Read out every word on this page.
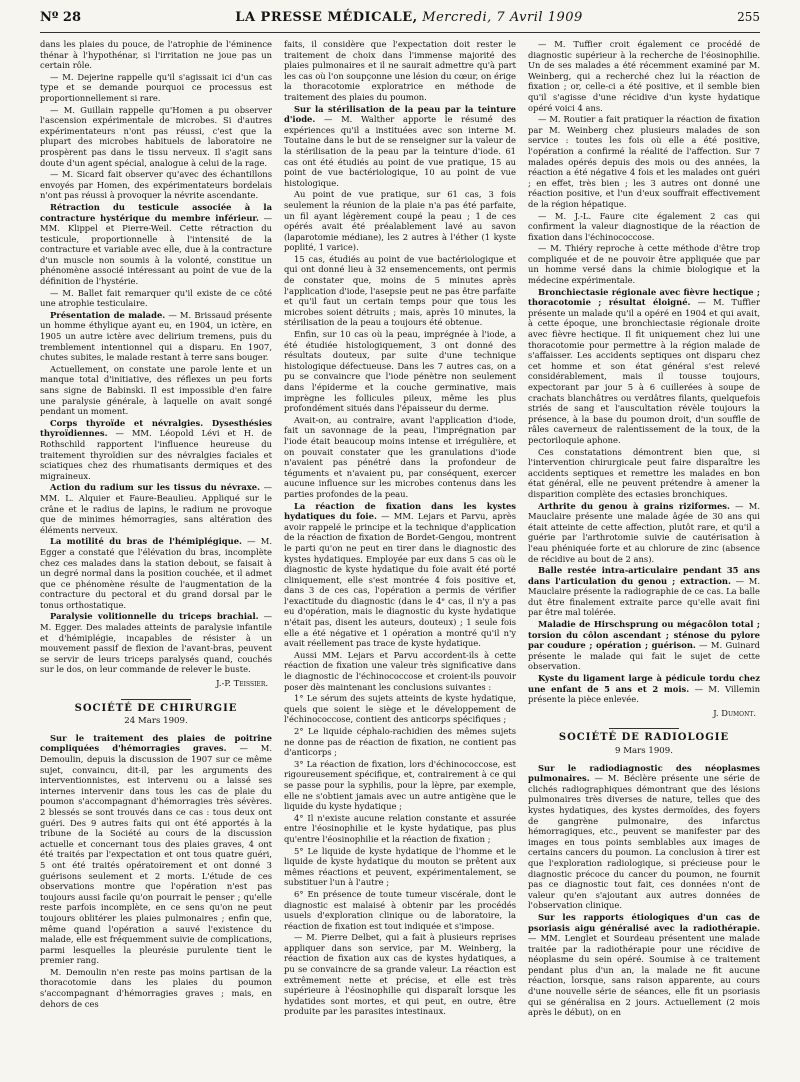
Nº 28	LA PRESSE MÉDICALE, Mercredi, 7 Avril 1909	255

dans les plaies du pouce, de l'atrophie de l'éminence thénar à l'hypothénar, si l'irritation ne joue pas un certain rôle.

— M. Dejerine rappelle qu'il s'agissait ici d'un cas type et se demande pourquoi ce processus est proportionnellement si rare.

— M. Guillain rappelle qu'Homen a pu observer l'ascension expérimentale de microbes. Si d'autres expérimentateurs n'ont pas réussi, c'est que la plupart des microbes habituels de laboratoire ne prospèrent pas dans le tissu nerveux. Il s'agit sans doute d'un agent spécial, analogue à celui de la rage.

— M. Sicard fait observer qu'avec des échantillons envoyés par Homen, des expérimentateurs bordelais n'ont pas réussi à provoquer la névrite ascendante.

Rétraction du testicule associée à la contracture hystérique du membre inférieur. — MM. Klippel et Pierre-Weil. Cette rétraction du testicule, proportionnelle à l'intensité de la contracture et variable avec elle, due à la contracture d'un muscle non soumis à la volonté, constitue un phénomène associé intéressant au point de vue de la définition de l'hystérie.

— M. Ballet fait remarquer qu'il existe de ce côté une atrophie testiculaire.

Présentation de malade. — M. Brissaud présente un homme éthylique ayant eu, en 1904, un ictère, en 1905 un autre ictère avec delirium tremens, puis du tremblement intentionnel qui a disparu. En 1907, chutes subites, le malade restant à terre sans bouger.

Actuellement, on constate une parole lente et un manque total d'initiative, des réflexes un peu forts sans signe de Babinski. Il est impossible d'en faire une paralysie générale, à laquelle on avait songé pendant un moment.

Corps thyroïde et névralgies. Dysesthésies thyroïdiennes. — MM. Léopold Lévi et H. de Rothschild rapportent l'influence heureuse du traitement thyroïdien sur des névralgies faciales et sciatiques chez des rhumatisants dermiques et des migraineux.

Action du radium sur les tissus du névraxe. — MM. L. Alquier et Faure-Beaulieu. Appliqué sur le crâne et le radius de lapins, le radium ne provoque que de minimes hémorragies, sans altération des éléments nerveux.

La motilité du bras de l'hémiplégique. — M. Egger a constaté que l'élévation du bras, incomplète chez ces malades dans la station debout, se faisait à un degré normal dans la position couchée, et il admet que ce phénomène résulte de l'augmentation de la contracture du pectoral et du grand dorsal par le tonus orthostatique.

Paralysie volitionnelle du triceps brachial. — M. Egger. Des malades atteints de paralysie infantile et d'hémiplégie, incapables de résister à un mouvement passif de flexion de l'avant-bras, peuvent se servir de leurs triceps paralysés quand, couchés sur le dos, on leur commande de relever le buste.

J.-P. Teissier.
SOCIÉTÉ DE CHIRURGIE
24 Mars 1909.

Sur le traitement des plaies de poitrine compliquées d'hémorragies graves. — M. Demoulin, depuis la discussion de 1907 sur ce même sujet, convaincu, dit-il, par les arguments des interventionnistes, est intervenu ou a laissé ses internes intervenir dans tous les cas de plaie du poumon s'accompagnant d'hémorragies très sévères. 2 blessés se sont trouvés dans ce cas : tous deux ont guéri. Des 9 autres faits qui ont été apportés à la tribune de la Société au cours de la discussion actuelle et concernant tous des plaies graves, 4 ont été traités par l'expectation et ont tous quatre guéri, 5 ont été traités opératoirement et ont donné 3 guérisons seulement et 2 morts. L'étude de ces observations montre que l'opération n'est pas toujours aussi facile qu'on pourrait le penser ; qu'elle reste parfois incomplète, en ce sens qu'on ne peut toujours oblitérer les plaies pulmonaires ; enfin que, même quand l'opération a sauvé l'existence du malade, elle est fréquemment suivie de complications, parmi lesquelles la pleurésie purulente tient le premier rang.

M. Demoulin n'en reste pas moins partisan de la thoracotomie dans les plaies du poumon s'accompagnant d'hémorragies graves ; mais, en dehors de ces

faits, il considère que l'expectation doit rester le traitement de choix dans l'immense majorité des plaies pulmonaires et il ne saurait admettre qu'à part les cas où l'on soupçonne une lésion du cœur, on érige la thoracotomie exploratrice en méthode de traitement des plaies du poumon.

Sur la stérilisation de la peau par la teinture d'iode. — M. Walther apporte le résumé des expériences qu'il a instituées avec son interne M. Toutaine dans le but de se renseigner sur la valeur de la stérilisation de la peau par la teinture d'iode. 61 cas ont été étudiés au point de vue pratique, 15 au point de vue bactériologique, 10 au point de vue histologique.

Au point de vue pratique, sur 61 cas, 3 fois seulement la réunion de la plaie n'a pas été parfaite, un fil ayant légèrement coupé la peau ; 1 de ces opérés avait été préalablement lavé au savon (laparotomie médiane), les 2 autres à l'éther (1 kyste poplité, 1 varice).

15 cas, étudiés au point de vue bactériologique et qui ont donné lieu à 32 ensemencements, ont permis de constater que, moins de 5 minutes après l'application d'iode, l'asepsie peut ne pas être parfaite et qu'il faut un certain temps pour que tous les microbes soient détruits ; mais, après 10 minutes, la stérilisation de la peau a toujours été obtenue.

Enfin, sur 10 cas où la peau, imprégnée à l'iode, a été étudiée histologiquement, 3 ont donné des résultats douteux, par suite d'une technique histologique défectueuse. Dans les 7 autres cas, on a pu se convaincre que l'iode pénètre non seulement dans l'épiderme et la couche germinative, mais imprègne les follicules pileux, même les plus profondément situés dans l'épaisseur du derme.

Avait-on, au contraire, avant l'application d'iode, fait un savonnage de la peau, l'imprégnation par l'iode était beaucoup moins intense et irrégulière, et on pouvait constater que les granulations d'iode n'avaient pas pénétré dans la profondeur de téguments et n'avaient pu, par conséquent, exercer aucune influence sur les microbes contenus dans les parties profondes de la peau.

La réaction de fixation dans les kystes hydatiques du foie. — MM. Lejars et Parvu, après avoir rappelé le principe et la technique d'application de la réaction de fixation de Bordet-Gengou, montrent le parti qu'on ne peut en tirer dans le diagnostic des kystes hydatiques. Employée par eux dans 5 cas où le diagnostic de kyste hydatique du foie avait été porté cliniquement, elle s'est montrée 4 fois positive et, dans 3 de ces cas, l'opération a permis de vérifier l'exactitude du diagnostic (dans le 4ᵉ cas, il n'y a pas eu d'opération, mais le diagnostic du kyste hydatique n'était pas, disent les auteurs, douteux) ; 1 seule fois elle a été négative et 1 opération a montré qu'il n'y avait réellement pas trace de kyste hydatique.

Aussi MM. Lejars et Parvu accordent-ils à cette réaction de fixation une valeur très significative dans le diagnostic de l'échinococcose et croient-ils pouvoir poser dès maintenant les conclusions suivantes :

1° Le sérum des sujets atteints de kyste hydatique, quels que soient le siège et le développement de l'échinococcose, contient des anticorps spécifiques ;

2° Le liquide céphalo-rachidien des mêmes sujets ne donne pas de réaction de fixation, ne contient pas d'anticorps ;

3° La réaction de fixation, lors d'échinococcose, est rigoureusement spécifique, et, contrairement à ce qui se passe pour la syphilis, pour la lèpre, par exemple, elle ne s'obtient jamais avec un autre antigène que le liquide du kyste hydatique ;

4° Il n'existe aucune relation constante et assurée entre l'éosinophilie et le kyste hydatique, pas plus qu'entre l'éosinophilie et la réaction de fixation ;

5° Le liquide de kyste hydatique de l'homme et le liquide de kyste hydatique du mouton se prêtent aux mêmes réactions et peuvent, expérimentalement, se substituer l'un à l'autre ;

6° En présence de toute tumeur viscérale, dont le diagnostic est malaisé à obtenir par les procédés usuels d'exploration clinique ou de laboratoire, la réaction de fixation est tout indiquée et s'impose.

— M. Pierre Delbet, qui a fait à plusieurs reprises appliquer dans son service, par M. Weinberg, la réaction de fixation aux cas de kystes hydatiques, a pu se convaincre de sa grande valeur. La réaction est extrêmement nette et précise, et elle est très supérieure à l'éosinophilie qui disparaît lorsque les hydatides sont mortes, et qui peut, en outre, être produite par les parasites intestinaux.

— M. Tuffier croit également ce procédé de diagnostic supérieur à la recherche de l'éosinophilie. Un de ses malades a été récemment examiné par M. Weinberg, qui a recherché chez lui la réaction de fixation ; or, celle-ci a été positive, et il semble bien qu'il s'agisse d'une récidive d'un kyste hydatique opéré voici 4 ans.

— M. Routier a fait pratiquer la réaction de fixation par M. Weinberg chez plusieurs malades de son service : toutes les fois où elle a été positive, l'opération a confirmé la réalité de l'affection. Sur 7 malades opérés depuis des mois ou des années, la réaction a été négative 4 fois et les malades ont guéri ; en effet, très bien ; les 3 autres ont donné une réaction positive, et l'un d'eux souffrait effectivement de la région hépatique.

— M. J.-L. Faure cite également 2 cas qui confirment la valeur diagnostique de la réaction de fixation dans l'échinococcose.

— M. Thiéry reproche à cette méthode d'être trop compliquée et de ne pouvoir être appliquée que par un homme versé dans la chimie biologique et la médecine expérimentale.

Bronchiectasie régionale avec fièvre hectique ; thoracotomie ; résultat éloigné. — M. Tuffier présente un malade qu'il a opéré en 1904 et qui avait, à cette époque, une bronchiectasie régionale droite avec fièvre hectique. Il fit uniquement chez lui une thoracotomie pour permettre à la région malade de s'affaisser. Les accidents septiques ont disparu chez cet homme et son état général s'est relevé considérablement, mais il tousse toujours, expectorant par jour 5 à 6 cuillerées à soupe de crachats blanchâtres ou verdâtres filants, quelquefois striés de sang et l'auscultation révèle toujours la présence, à la base du poumon droit, d'un souffle de râles caverneux de ralentissement de la toux, de la pectoriloquie aphone.

Ces constatations démontrent bien que, si l'intervention chirurgicale peut faire disparaître les accidents septiques et remettre les malades en bon état général, elle ne peuvent prétendre à amener la disparition complète des ectasies bronchiques.

Arthrite du genou à grains riziformes. — M. Mauclaire présente une malade âgée de 30 ans qui était atteinte de cette affection, plutôt rare, et qu'il a guérie par l'arthrotomie suivie de cautérisation à l'eau phéniquée forte et au chlorure de zinc (absence de récidive au bout de 2 ans).

Balle restée intra-articulaire pendant 35 ans dans l'articulation du genou ; extraction. — M. Mauclaire présente la radiographie de ce cas. La balle dut être finalement extraite parce qu'elle avait fini par être mal tolérée.

Maladie de Hirschsprung ou mégacôlon total ; torsion du côlon ascendant ; sténose du pylore par coudure ; opération ; guérison. — M. Guinard présente le malade qui fait le sujet de cette observation.

Kyste du ligament large à pédicule tordu chez une enfant de 5 ans et 2 mois. — M. Villemin présente la pièce enlevée.

J. Dumont.
SOCIÉTÉ DE RADIOLOGIE
9 Mars 1909.

Sur le radiodiagnostic des néoplasmes pulmonaires. — M. Béclère présente une série de clichés radiographiques démontrant que des lésions pulmonaires très diverses de nature, telles que des kystes hydatiques, des kystes dermoïdes, des foyers de gangrène pulmonaire, des infarctus hémorragiques, etc., peuvent se manifester par des images en tous points semblables aux images de certains cancers du poumon. La conclusion à tirer est que l'exploration radiologique, si précieuse pour le diagnostic précoce du cancer du poumon, ne fournit pas ce diagnostic tout fait, ces données n'ont de valeur qu'en s'ajoutant aux autres données de l'observation clinique.

Sur les rapports étiologiques d'un cas de psoriasis aigu généralisé avec la radiothérapie. — MM. Lenglet et Sourdeau présentent une malade traitée par la radiothérapie pour une récidive de néoplasme du sein opéré. Soumise à ce traitement pendant plus d'un an, la malade ne fit aucune réaction, lorsque, sans raison apparente, au cours d'une nouvelle série de séances, elle fit un psoriasis qui se généralisa en 2 jours. Actuellement (2 mois après le début), on en
